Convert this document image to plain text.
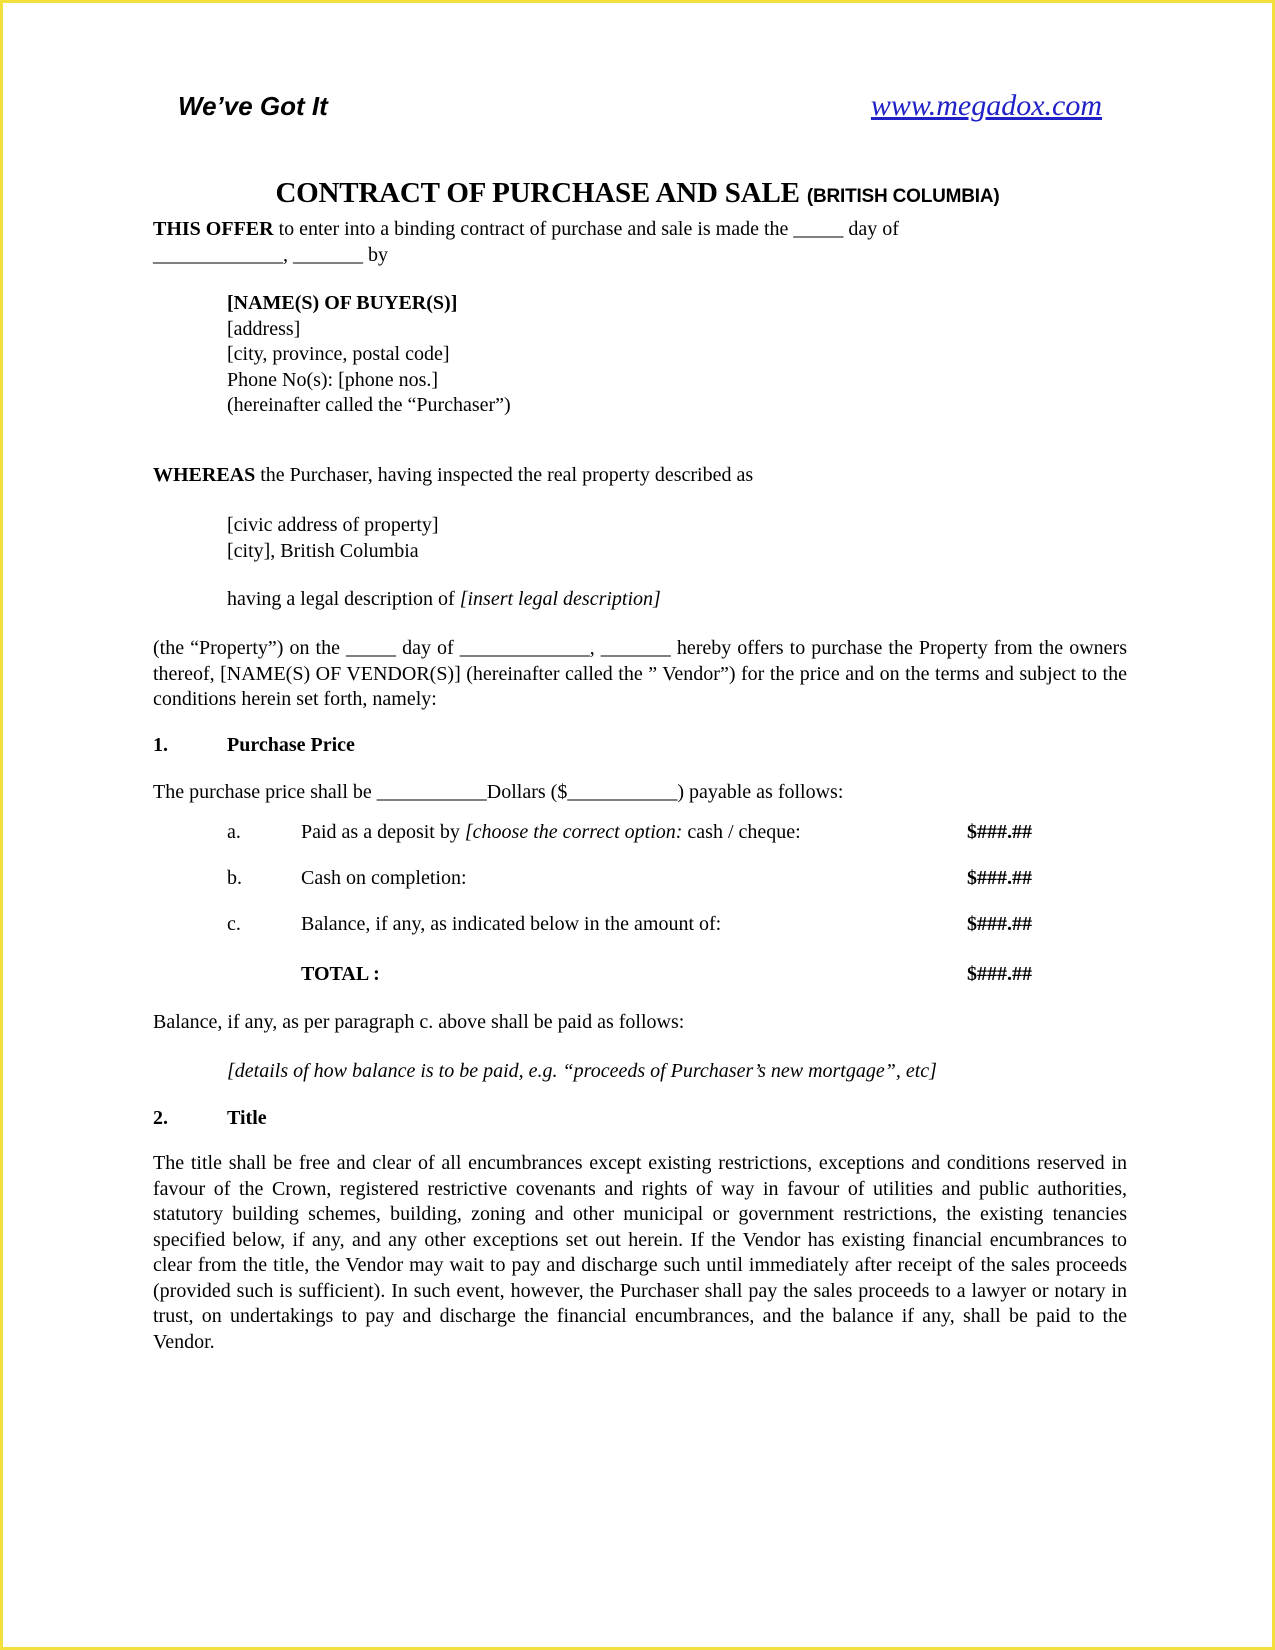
We’ve Got It	www.megadox.com
CONTRACT OF PURCHASE AND SALE (BRITISH COLUMBIA)
THIS OFFER to enter into a binding contract of purchase and sale is made the _____ day of
_____________, _______ by
[NAME(S) OF BUYER(S)]
[address]
[city, province, postal code]
Phone No(s): [phone nos.]
(hereinafter called the “Purchaser”)
WHEREAS the Purchaser, having inspected the real property described as
[civic address of property]
[city], British Columbia
having a legal description of [insert legal description]
(the “Property”) on the _____ day of _____________, _______ hereby offers to purchase the Property from the owners thereof, [NAME(S) OF VENDOR(S)] (hereinafter called the ” Vendor”) for the price and on the terms and subject to the conditions herein set forth, namely:
1.	Purchase Price
The purchase price shall be ___________Dollars ($___________) payable as follows:
a.	Paid as a deposit by [choose the correct option: cash / cheque:	$###.##
b.	Cash on completion:	$###.##
c.	Balance, if any, as indicated below in the amount of:	$###.##
TOTAL :	$###.##
Balance, if any, as per paragraph c. above shall be paid as follows:
[details of how balance is to be paid, e.g. “proceeds of Purchaser’s new mortgage”, etc]
2.	Title
The title shall be free and clear of all encumbrances except existing restrictions, exceptions and conditions reserved in favour of the Crown, registered restrictive covenants and rights of way in favour of utilities and public authorities, statutory building schemes, building, zoning and other municipal or government restrictions, the existing tenancies specified below, if any, and any other exceptions set out herein. If the Vendor has existing financial encumbrances to clear from the title, the Vendor may wait to pay and discharge such until immediately after receipt of the sales proceeds (provided such is sufficient). In such event, however, the Purchaser shall pay the sales proceeds to a lawyer or notary in trust, on undertakings to pay and discharge the financial encumbrances, and the balance if any, shall be paid to the Vendor.
